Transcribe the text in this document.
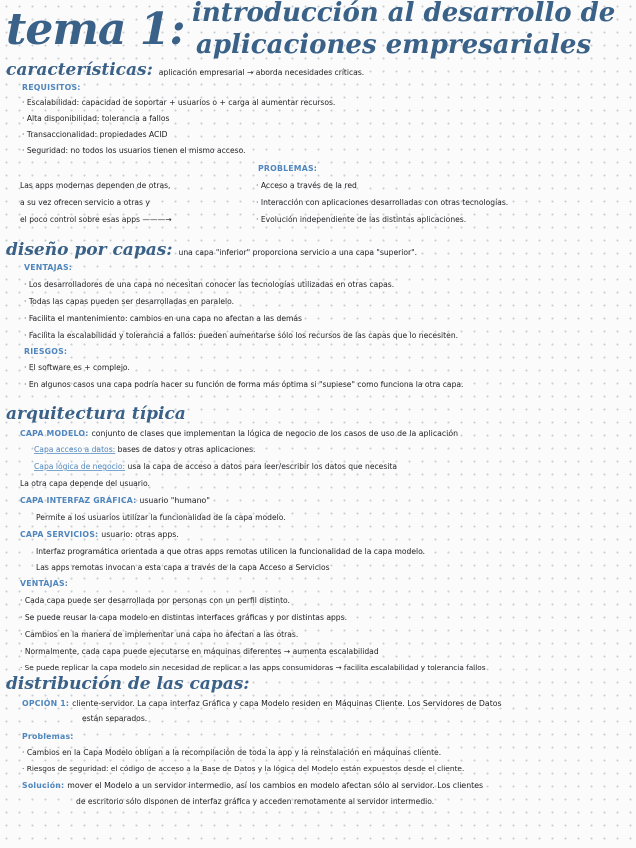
tema 1: introducción al desarrollo de
aplicaciones empresariales
características: aplicación empresarial → aborda necesidades críticas.
REQUISITOS:
· Escalabilidad: capacidad de soportar + usuarios o + carga al aumentar recursos.
· Alta disponibilidad: tolerancia a fallos
· Transaccionalidad: propiedades ACID
· Seguridad: no todos los usuarios tienen el mismo acceso.
PROBLEMAS:
Las apps modernas dependen de otras,
a su vez ofrecen servicio a otras y
el poco control sobre esas apps ———→
· Acceso a través de la red
· Interacción con aplicaciones desarrolladas con otras tecnologías.
· Evolución independiente de las distintas aplicaciones.
diseño por capas: una capa "inferior" proporciona servicio a una capa "superior".
VENTAJAS:
· Los desarrolladores de una capa no necesitan conocer las tecnologías utilizadas en otras capas.
· Todas las capas pueden ser desarrolladas en paralelo.
· Facilita el mantenimiento: cambios en una capa no afectan a las demás
· Facilita la escalabilidad y tolerancia a fallos: pueden aumentarse sólo los recursos de las capas que lo necesiten.
RIESGOS:
· El software es + complejo.
· En algunos casos una capa podría hacer su función de forma más óptima si "supiese" como funciona la otra capa.
arquitectura típica
CAPA MODELO: conjunto de clases que implementan la lógica de negocio de los casos de uso de la aplicación
Capa acceso a datos: bases de datos y otras aplicaciones.
Capa lógica de negocio: usa la capa de acceso a datos para leer/escribir los datos que necesita
La otra capa depende del usuario.
CAPA INTERFAZ GRÁFICA: usuario "humano"
Permite a los usuarios utilizar la funcionalidad de la capa modelo.
CAPA SERVICIOS: usuario: otras apps.
Interfaz programática orientada a que otras apps remotas utilicen la funcionalidad de la capa modelo.
Las apps remotas invocan a esta capa a través de la capa Acceso a Servicios
VENTAJAS:
· Cada capa puede ser desarrollada por personas con un perfil distinto.
· Se puede reusar la capa modelo en distintas interfaces gráficas y por distintas apps.
· Cambios en la manera de implementar una capa no afectan a las otras.
· Normalmente, cada capa puede ejecutarse en máquinas diferentes → aumenta escalabilidad
· Se puede replicar la capa modelo sin necesidad de replicar a las apps consumidoras → facilita escalabilidad y tolerancia fallos
distribución de las capas:
OPCIÓN 1: cliente-servidor. La capa interfaz Gráfica y capa Modelo residen en Máquinas Cliente. Los Servidores de Datos
están separados.
Problemas:
· Cambios en la Capa Modelo obligan a la recompilación de toda la app y la reinstalación en máquinas cliente.
· Riesgos de seguridad: el código de acceso a la Base de Datos y la lógica del Modelo están expuestos desde el cliente.
Solución: mover el Modelo a un servidor intermedio, así los cambios en modelo afectan sólo al servidor. Los clientes
de escritorio sólo disponen de interfaz gráfica y acceden remotamente al servidor intermedio.
